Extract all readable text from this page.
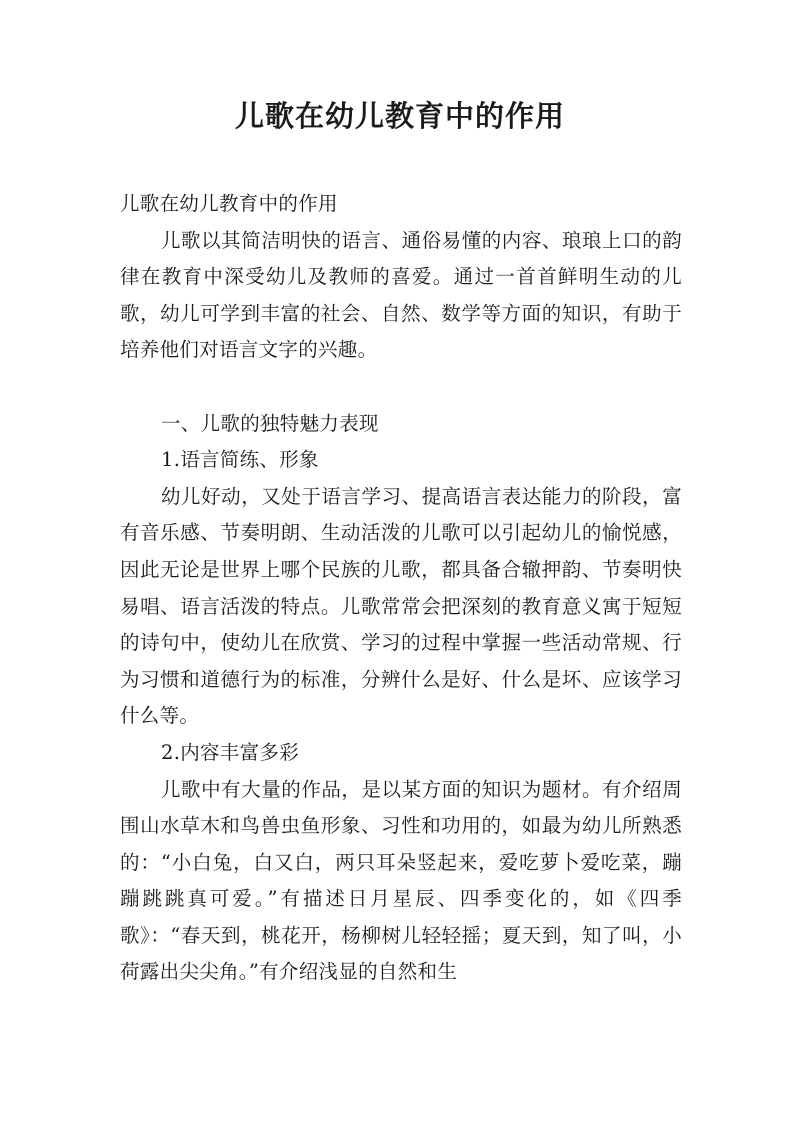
儿歌在幼儿教育中的作用

儿歌在幼儿教育中的作用

儿歌以其简洁明快的语言、通俗易懂的内容、琅琅上口的韵律在教育中深受幼儿及教师的喜爱。通过一首首鲜明生动的儿歌，幼儿可学到丰富的社会、自然、数学等方面的知识，有助于培养他们对语言文字的兴趣。

一、儿歌的独特魅力表现

1.语言简练、形象

幼儿好动，又处于语言学习、提高语言表达能力的阶段，富有音乐感、节奏明朗、生动活泼的儿歌可以引起幼儿的愉悦感，因此无论是世界上哪个民族的儿歌，都具备合辙押韵、节奏明快易唱、语言活泼的特点。儿歌常常会把深刻的教育意义寓于短短的诗句中，使幼儿在欣赏、学习的过程中掌握一些活动常规、行为习惯和道德行为的标准，分辨什么是好、什么是坏、应该学习什么等。

2.内容丰富多彩

儿歌中有大量的作品，是以某方面的知识为题材。有介绍周围山水草木和鸟兽虫鱼形象、习性和功用的，如最为幼儿所熟悉的：“小白兔，白又白，两只耳朵竖起来，爱吃萝卜爱吃菜，蹦蹦跳跳真可爱。”有描述日月星辰、四季变化的，如《四季歌》：“春天到，桃花开，杨柳树儿轻轻摇；夏天到，知了叫，小荷露出尖尖角。”有介绍浅显的自然和生
